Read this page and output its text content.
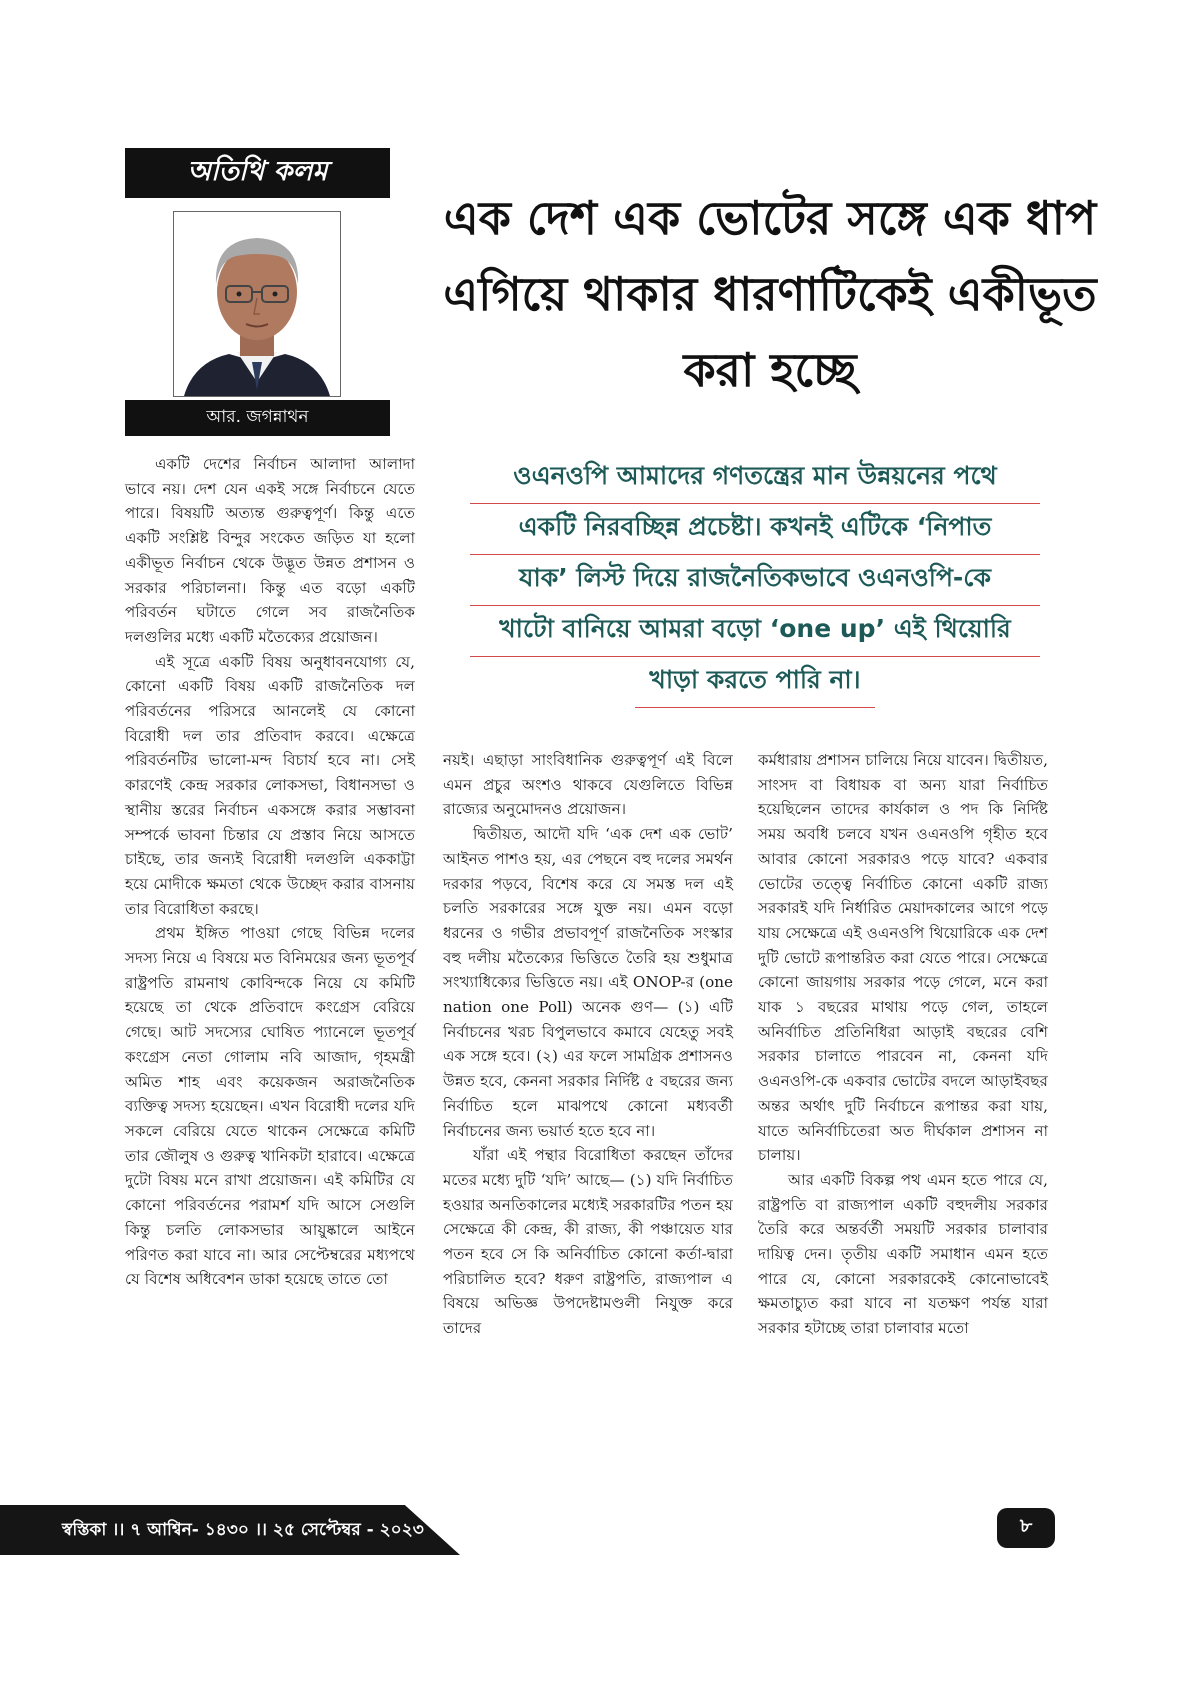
অতিথি কলম
আর. জগন্নাথন
এক দেশ এক ভোটের সঙ্গে এক ধাপ এগিয়ে থাকার ধারণাটিকেই একীভূত করা হচ্ছে
ওএনওপি আমাদের গণতন্ত্রের মান উন্নয়নের পথে
একটি নিরবচ্ছিন্ন প্রচেষ্টা। কখনই এটিকে ‘নিপাত
যাক’ লিস্ট দিয়ে রাজনৈতিকভাবে ওএনওপি-কে
খাটো বানিয়ে আমরা বড়ো ‘one up’ এই থিয়োরি
খাড়া করতে পারি না।

একটি দেশের নির্বাচন আলাদা আলাদা ভাবে নয়। দেশ যেন একই সঙ্গে নির্বাচনে যেতে পারে। বিষয়টি অত্যন্ত গুরুত্বপূর্ণ। কিন্তু এতে একটি সংশ্লিষ্ট বিন্দুর সংকেত জড়িত যা হলো একীভূত নির্বাচন থেকে উদ্ভূত উন্নত প্রশাসন ও সরকার পরিচালনা। কিন্তু এত বড়ো একটি পরিবর্তন ঘটাতে গেলে সব রাজনৈতিক দলগুলির মধ্যে একটি মতৈক্যের প্রয়োজন।

এই সূত্রে একটি বিষয় অনুধাবনযোগ্য যে, কোনো একটি বিষয় একটি রাজনৈতিক দল পরিবর্তনের পরিসরে আনলেই যে কোনো বিরোধী দল তার প্রতিবাদ করবে। এক্ষেত্রে পরিবর্তনটির ভালো-মন্দ বিচার্য হবে না। সেই কারণেই কেন্দ্র সরকার লোকসভা, বিধানসভা ও স্থানীয় স্তরের নির্বাচন একসঙ্গে করার সম্ভাবনা সম্পর্কে ভাবনা চিন্তার যে প্রস্তাব নিয়ে আসতে চাইছে, তার জন্যই বিরোধী দলগুলি এককাট্টা হয়ে মোদীকে ক্ষমতা থেকে উচ্ছেদ করার বাসনায় তার বিরোধিতা করছে।

প্রথম ইঙ্গিত পাওয়া গেছে বিভিন্ন দলের সদস্য নিয়ে এ বিষয়ে মত বিনিময়ের জন্য ভূতপূর্ব রাষ্ট্রপতি রামনাথ কোবিন্দকে নিয়ে যে কমিটি হয়েছে তা থেকে প্রতিবাদে কংগ্রেস বেরিয়ে গেছে। আট সদস্যের ঘোষিত প্যানেলে ভূতপূর্ব কংগ্রেস নেতা গোলাম নবি আজাদ, গৃহমন্ত্রী অমিত শাহ এবং কয়েকজন অরাজনৈতিক ব্যক্তিত্ব সদস্য হয়েছেন। এখন বিরোধী দলের যদি সকলে বেরিয়ে যেতে থাকেন সেক্ষেত্রে কমিটি তার জৌলুষ ও গুরুত্ব খানিকটা হারাবে। এক্ষেত্রে দুটো বিষয় মনে রাখা প্রয়োজন। এই কমিটির যে কোনো পরিবর্তনের পরামর্শ যদি আসে সেগুলি কিন্তু চলতি লোকসভার আয়ুষ্কালে আইনে পরিণত করা যাবে না। আর সেপ্টেম্বরের মধ্যপথে যে বিশেষ অধিবেশন ডাকা হয়েছে তাতে তো

নয়ই। এছাড়া সাংবিধানিক গুরুত্বপূর্ণ এই বিলে এমন প্রচুর অংশও থাকবে যেগুলিতে বিভিন্ন রাজ্যের অনুমোদনও প্রয়োজন।

দ্বিতীয়ত, আদৌ যদি ‘এক দেশ এক ভোট’ আইনত পাশও হয়, এর পেছনে বহু দলের সমর্থন দরকার পড়বে, বিশেষ করে যে সমস্ত দল এই চলতি সরকারের সঙ্গে যুক্ত নয়। এমন বড়ো ধরনের ও গভীর প্রভাবপূর্ণ রাজনৈতিক সংস্কার বহু দলীয় মতৈক্যের ভিত্তিতে তৈরি হয় শুধুমাত্র সংখ্যাধিক্যের ভিত্তিতে নয়। এই ONOP-র (one nation one Poll) অনেক গুণ— (১) এটি নির্বাচনের খরচ বিপুলভাবে কমাবে যেহেতু সবই এক সঙ্গে হবে। (২) এর ফলে সামগ্রিক প্রশাসনও উন্নত হবে, কেননা সরকার নির্দিষ্ট ৫ বছরের জন্য নির্বাচিত হলে মাঝপথে কোনো মধ্যবর্তী নির্বাচনের জন্য ভয়ার্ত হতে হবে না।

যাঁরা এই পন্থার বিরোধিতা করছেন তাঁদের মতের মধ্যে দুটি ‘যদি’ আছে— (১) যদি নির্বাচিত হওয়ার অনতিকালের মধ্যেই সরকারটির পতন হয় সেক্ষেত্রে কী কেন্দ্র, কী রাজ্য, কী পঞ্চায়েত যার পতন হবে সে কি অনির্বাচিত কোনো কর্তা-দ্বারা পরিচালিত হবে? ধরুণ রাষ্ট্রপতি, রাজ্যপাল এ বিষয়ে অভিজ্ঞ উপদেষ্টামণ্ডলী নিযুক্ত করে তাদের

কর্মধারায় প্রশাসন চালিয়ে নিয়ে যাবেন। দ্বিতীয়ত, সাংসদ বা বিধায়ক বা অন্য যারা নির্বাচিত হয়েছিলেন তাদের কার্যকাল ও পদ কি নির্দিষ্ট সময় অবধি চলবে যখন ওএনওপি গৃহীত হবে আবার কোনো সরকারও পড়ে যাবে? একবার ভোটের তত্ত্বে নির্বাচিত কোনো একটি রাজ্য সরকারই যদি নির্ধারিত মেয়াদকালের আগে পড়ে যায় সেক্ষেত্রে এই ওএনওপি থিয়োরিকে এক দেশ দুটি ভোটে রূপান্তরিত করা যেতে পারে। সেক্ষেত্রে কোনো জায়গায় সরকার পড়ে গেলে, মনে করা যাক ১ বছরের মাথায় পড়ে গেল, তাহলে অনির্বাচিত প্রতিনিধিরা আড়াই বছরের বেশি সরকার চালাতে পারবেন না, কেননা যদি ওএনওপি-কে একবার ভোটের বদলে আড়াইবছর অন্তর অর্থাৎ দুটি নির্বাচনে রূপান্তর করা যায়, যাতে অনির্বাচিতেরা অত দীর্ঘকাল প্রশাসন না চালায়।

আর একটি বিকল্প পথ এমন হতে পারে যে, রাষ্ট্রপতি বা রাজ্যপাল একটি বহুদলীয় সরকার তৈরি করে অন্তর্বর্তী সময়টি সরকার চালাবার দায়িত্ব দেন। তৃতীয় একটি সমাধান এমন হতে পারে যে, কোনো সরকারকেই কোনোভাবেই ক্ষমতাচ্যুত করা যাবে না যতক্ষণ পর্যন্ত যারা সরকার হটাচ্ছে তারা চালাবার মতো

স্বস্তিকা ।। ৭ আশ্বিন- ১৪৩০ ।। ২৫ সেপ্টেম্বর - ২০২৩	৮
